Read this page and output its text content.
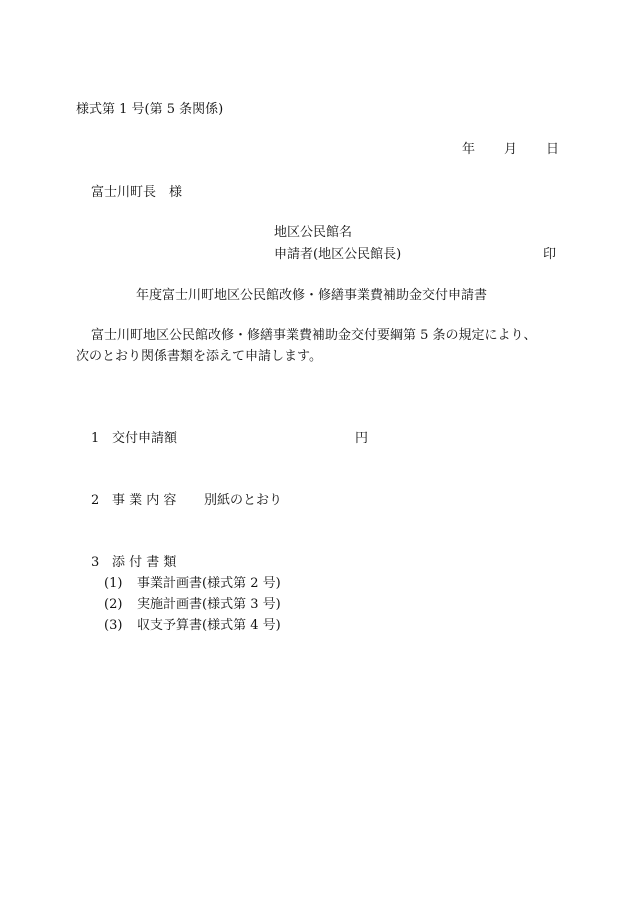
様式第 1 号(第 5 条関係)
年 月 日
富士川町長　様
地区公民館名
申請者(地区公民館長)	印
年度富士川町地区公民館改修・修繕事業費補助金交付申請書
富士川町地区公民館改修・修繕事業費補助金交付要綱第 5 条の規定により、
次のとおり関係書類を添えて申請します。
1 交付申請額	円
2 事 業 内 容 別紙のとおり
3 添 付 書 類
(1) 事業計画書(様式第 2 号)
(2) 実施計画書(様式第 3 号)
(3) 収支予算書(様式第 4 号)
